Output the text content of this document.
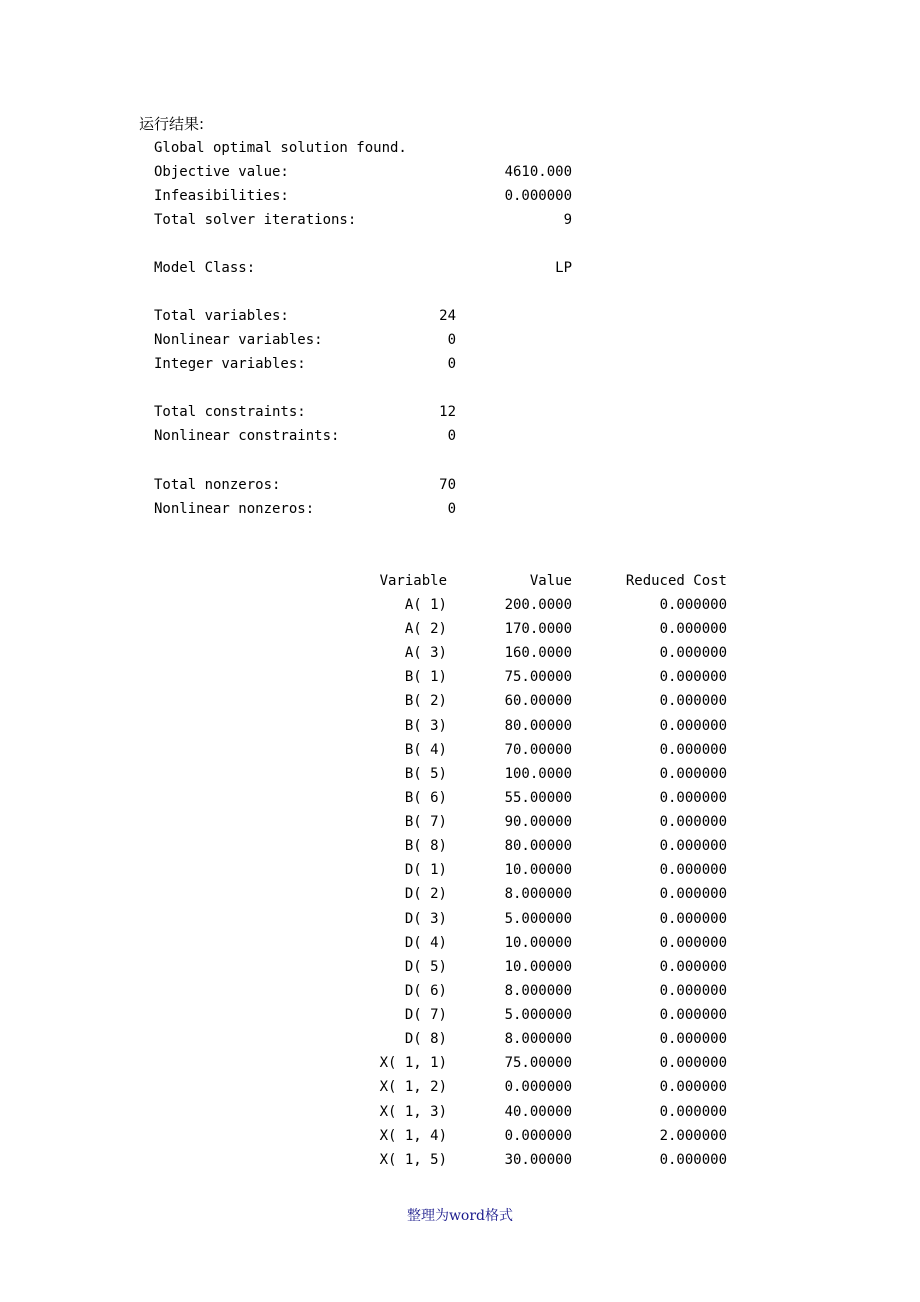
运行结果:
Global optimal solution found.
Objective value:	4610.000
Infeasibilities:	0.000000
Total solver iterations:	9
Model Class:	LP
Total variables:	24
Nonlinear variables:	0
Integer variables:	0
Total constraints:	12
Nonlinear constraints:	0
Total nonzeros:	70
Nonlinear nonzeros:	0
Variable	Value	Reduced Cost
A( 1)	200.0000	0.000000
A( 2)	170.0000	0.000000
A( 3)	160.0000	0.000000
B( 1)	75.00000	0.000000
B( 2)	60.00000	0.000000
B( 3)	80.00000	0.000000
B( 4)	70.00000	0.000000
B( 5)	100.0000	0.000000
B( 6)	55.00000	0.000000
B( 7)	90.00000	0.000000
B( 8)	80.00000	0.000000
D( 1)	10.00000	0.000000
D( 2)	8.000000	0.000000
D( 3)	5.000000	0.000000
D( 4)	10.00000	0.000000
D( 5)	10.00000	0.000000
D( 6)	8.000000	0.000000
D( 7)	5.000000	0.000000
D( 8)	8.000000	0.000000
X( 1, 1)	75.00000	0.000000
X( 1, 2)	0.000000	0.000000
X( 1, 3)	40.00000	0.000000
X( 1, 4)	0.000000	2.000000
X( 1, 5)	30.00000	0.000000
整理为word格式
